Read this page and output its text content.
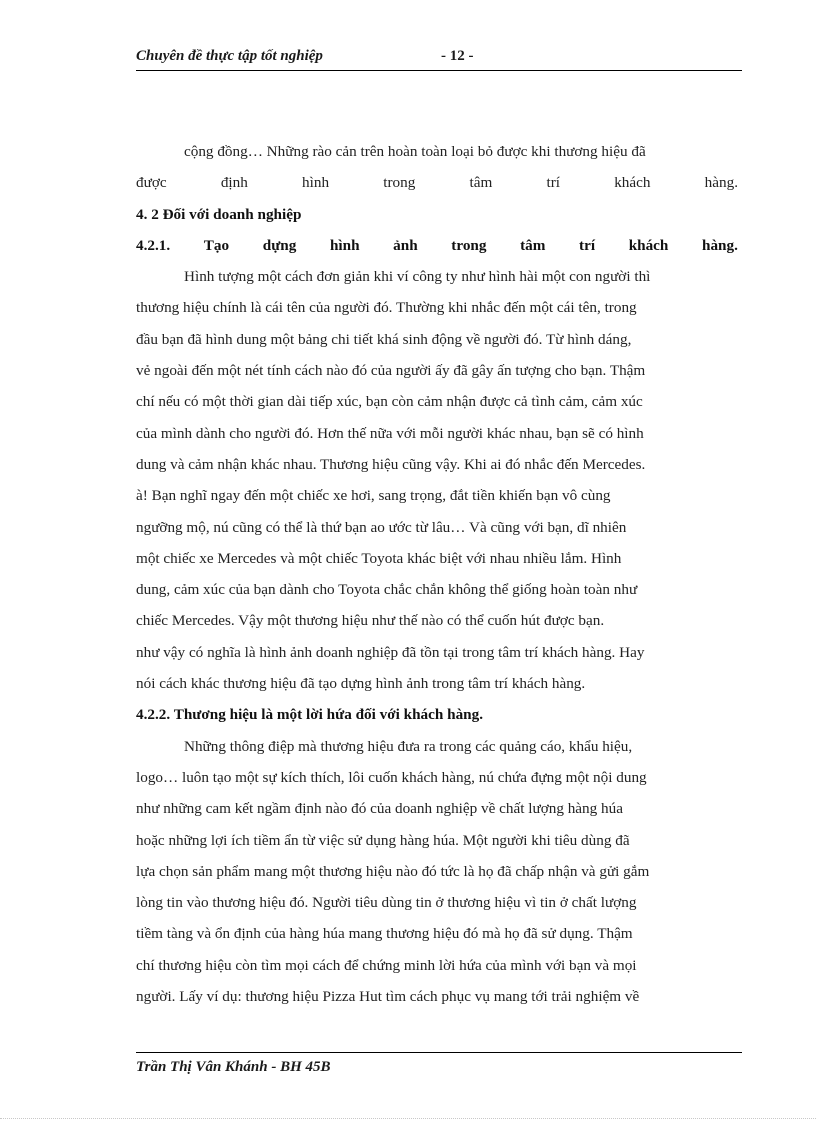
Chuyên đề thực tập tốt nghiệp	- 12 -
cộng đồng… Những rào cản trên hoàn toàn loại bỏ được khi thương hiệu đã
được	định	hình	trong	tâm	trí	khách	hàng.
4. 2 Đối với doanh nghiệp
4.2.1. Tạo dựng hình ảnh trong tâm trí khách hàng.
Hình tượng một cách đơn giản khi ví công ty như hình hài một con người thì
thương hiệu chính là cái tên của người đó. Thường khi nhắc đến một cái tên, trong
đầu bạn đã hình dung một bảng chi tiết khá sinh động về người đó. Từ hình dáng,
vẻ ngoài đến một nét tính cách nào đó của người ấy đã gây ấn tượng cho bạn. Thậm
chí nếu có một thời gian dài tiếp xúc, bạn còn cảm nhận được cả tình cảm, cảm xúc
của mình dành cho người đó. Hơn thế nữa với mỗi người khác nhau, bạn sẽ có hình
dung và cảm nhận khác nhau. Thương hiệu cũng vậy. Khi ai đó nhắc đến Mercedes.
à! Bạn nghĩ ngay đến một chiếc xe hơi, sang trọng, đắt tiền khiến bạn vô cùng
ngưỡng mộ, nú cũng có thể là thứ bạn ao ước từ lâu… Và cũng với bạn, dĩ nhiên
một chiếc xe Mercedes và một chiếc Toyota khác biệt với nhau nhiều lắm. Hình
dung, cảm xúc của bạn dành cho Toyota chắc chắn không thể giống hoàn toàn như
chiếc Mercedes. Vậy một thương hiệu như thế nào có thể cuốn hút được bạn.
như vậy có nghĩa là hình ảnh doanh nghiệp đã tồn tại trong tâm trí khách hàng. Hay
nói cách khác thương hiệu đã tạo dựng hình ảnh trong tâm trí khách hàng.
4.2.2. Thương hiệu là một lời hứa đối với khách hàng.
Những thông điệp mà thương hiệu đưa ra trong các quảng cáo, khẩu hiệu,
logo… luôn tạo một sự kích thích, lôi cuốn khách hàng, nú chứa đựng một nội dung
như những cam kết ngầm định nào đó của doanh nghiệp về chất lượng hàng húa
hoặc những lợi ích tiềm ẩn từ việc sử dụng hàng húa. Một người khi tiêu dùng đã
lựa chọn sản phẩm mang một thương hiệu nào đó tức là họ đã chấp nhận và gửi gắm
lòng tin vào thương hiệu đó. Người tiêu dùng tin ở thương hiệu vì tin ở chất lượng
tiềm tàng và ổn định của hàng húa mang thương hiệu đó mà họ đã sử dụng. Thậm
chí thương hiệu còn tìm mọi cách để chứng minh lời hứa của mình với bạn và mọi
người. Lấy ví dụ: thương hiệu Pizza Hut tìm cách phục vụ mang tới trải nghiệm về
Trần Thị Vân Khánh - BH 45B
